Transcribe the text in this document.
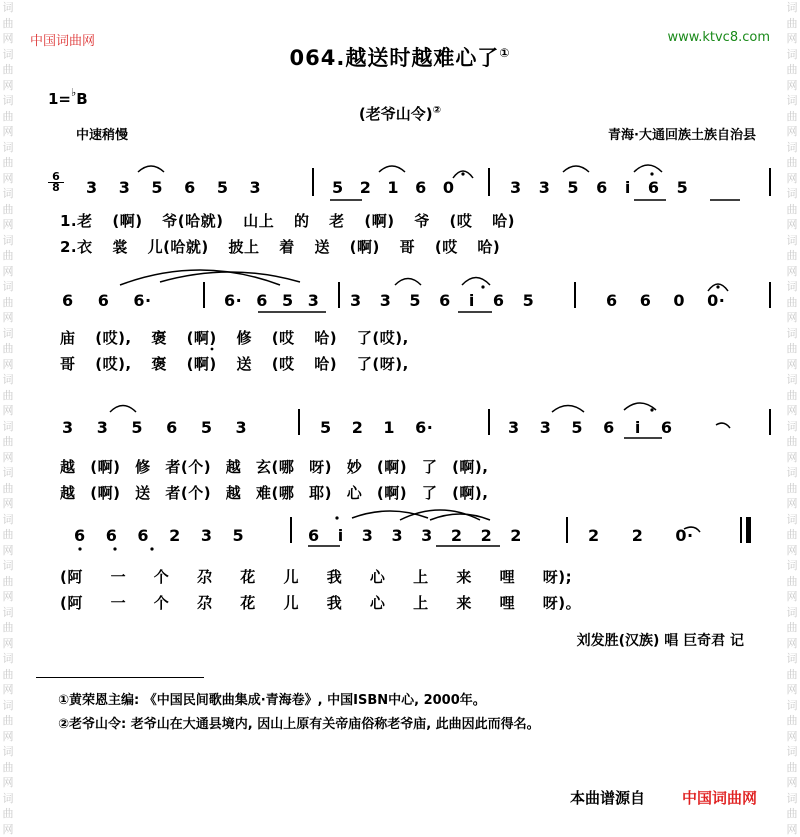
词曲网词曲网词曲网词曲网词曲网词曲网词曲网词曲网词曲网词曲网词曲网词曲网词曲网词曲网词曲网词曲网词曲网词曲网
词曲网词曲网词曲网词曲网词曲网词曲网词曲网词曲网词曲网词曲网词曲网词曲网词曲网词曲网词曲网词曲网词曲网词曲网
中国词曲网	www.ktvc8.com
064.越送时越难心了①
1=♭B
(老爷山令)②
中速稍慢	青海·大通回族土族自治县
6
8 3 3 5 6 5 3	5 2 1 6 0	3 3 5 6 i 6 5
1.老 (啊) 爷(哈就) 山上 的 老 (啊) 爷 (哎 哈)
2.衣 裳 儿(哈就) 披上 着 送 (啊) 哥 (哎 哈)
6 6 6·	6· 6 5 3	3 3 5 6 i 6 5	6 6 0 0·
庙 (哎), 褒 (啊) 修 (哎 哈) 了(哎),
哥 (哎), 褒 (啊) 送 (哎 哈) 了(呀),
3 3 5 6 5 3	5 2 1 6·	3 3 5 6 i 6
越 (啊) 修 者(个) 越 玄(哪 呀) 妙 (啊) 了 (啊),
越 (啊) 送 者(个) 越 难(哪 耶) 心 (啊) 了 (啊),
6 6 6 2 3 5	6 i 3 3 3 2 2 2	2 2 0·
(阿 一 个 尕 花 儿 我 心 上 来 哩 呀);
(阿 一 个 尕 花 儿 我 心 上 来 哩 呀)。
刘发胜(汉族) 唱 巨奇君 记
①黄荣恩主编: 《中国民间歌曲集成·青海卷》, 中国ISBN中心, 2000年。
②老爷山令: 老爷山在大通县境内, 因山上原有关帝庙俗称老爷庙, 此曲因此而得名。
本曲谱源自 中国词曲网
